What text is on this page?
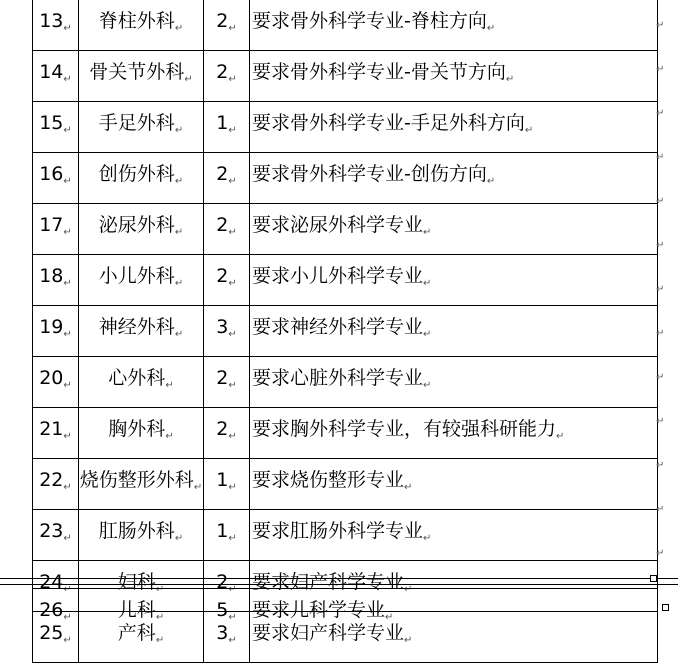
$13_↵$	脊柱外科$_↵$	$2_↵$	要求骨外科学专业-脊柱方向$_↵$
$14_↵$	骨关节外科$_↵$	$2_↵$	要求骨外科学专业-骨关节方向$_↵$
$15_↵$	手足外科$_↵$	$1_↵$	要求骨外科学专业-手足外科方向$_↵$
$16_↵$	创伤外科$_↵$	$2_↵$	要求骨外科学专业-创伤方向$_↵$
$17_↵$	泌尿外科$_↵$	$2_↵$	要求泌尿外科学专业$_↵$
$18_↵$	小儿外科$_↵$	$2_↵$	要求小儿外科学专业$_↵$
$19_↵$	神经外科$_↵$	$3_↵$	要求神经外科学专业$_↵$
$20_↵$	心外科$_↵$	$2_↵$	要求心脏外科学专业$_↵$
$21_↵$	胸外科$_↵$	$2_↵$	要求胸外科学专业，有较强科研能力$_↵$
$22_↵$	烧伤整形外科$_↵$	$1_↵$	要求烧伤整形专业$_↵$
$23_↵$	肛肠外科$_↵$	$1_↵$	要求肛肠外科学专业$_↵$
$24_↵$	妇科$_↵$	$2_↵$	要求妇产科学专业$_↵$
$25_↵$	产科$_↵$	$3_↵$	要求妇产科学专业$_↵$
↵
↵
↵
↵
↵
↵
↵
↵
↵
↵
↵
↵
↵
$26_↵$	儿科$_↵$	$5_↵$	要求儿科学专业$_↵$
